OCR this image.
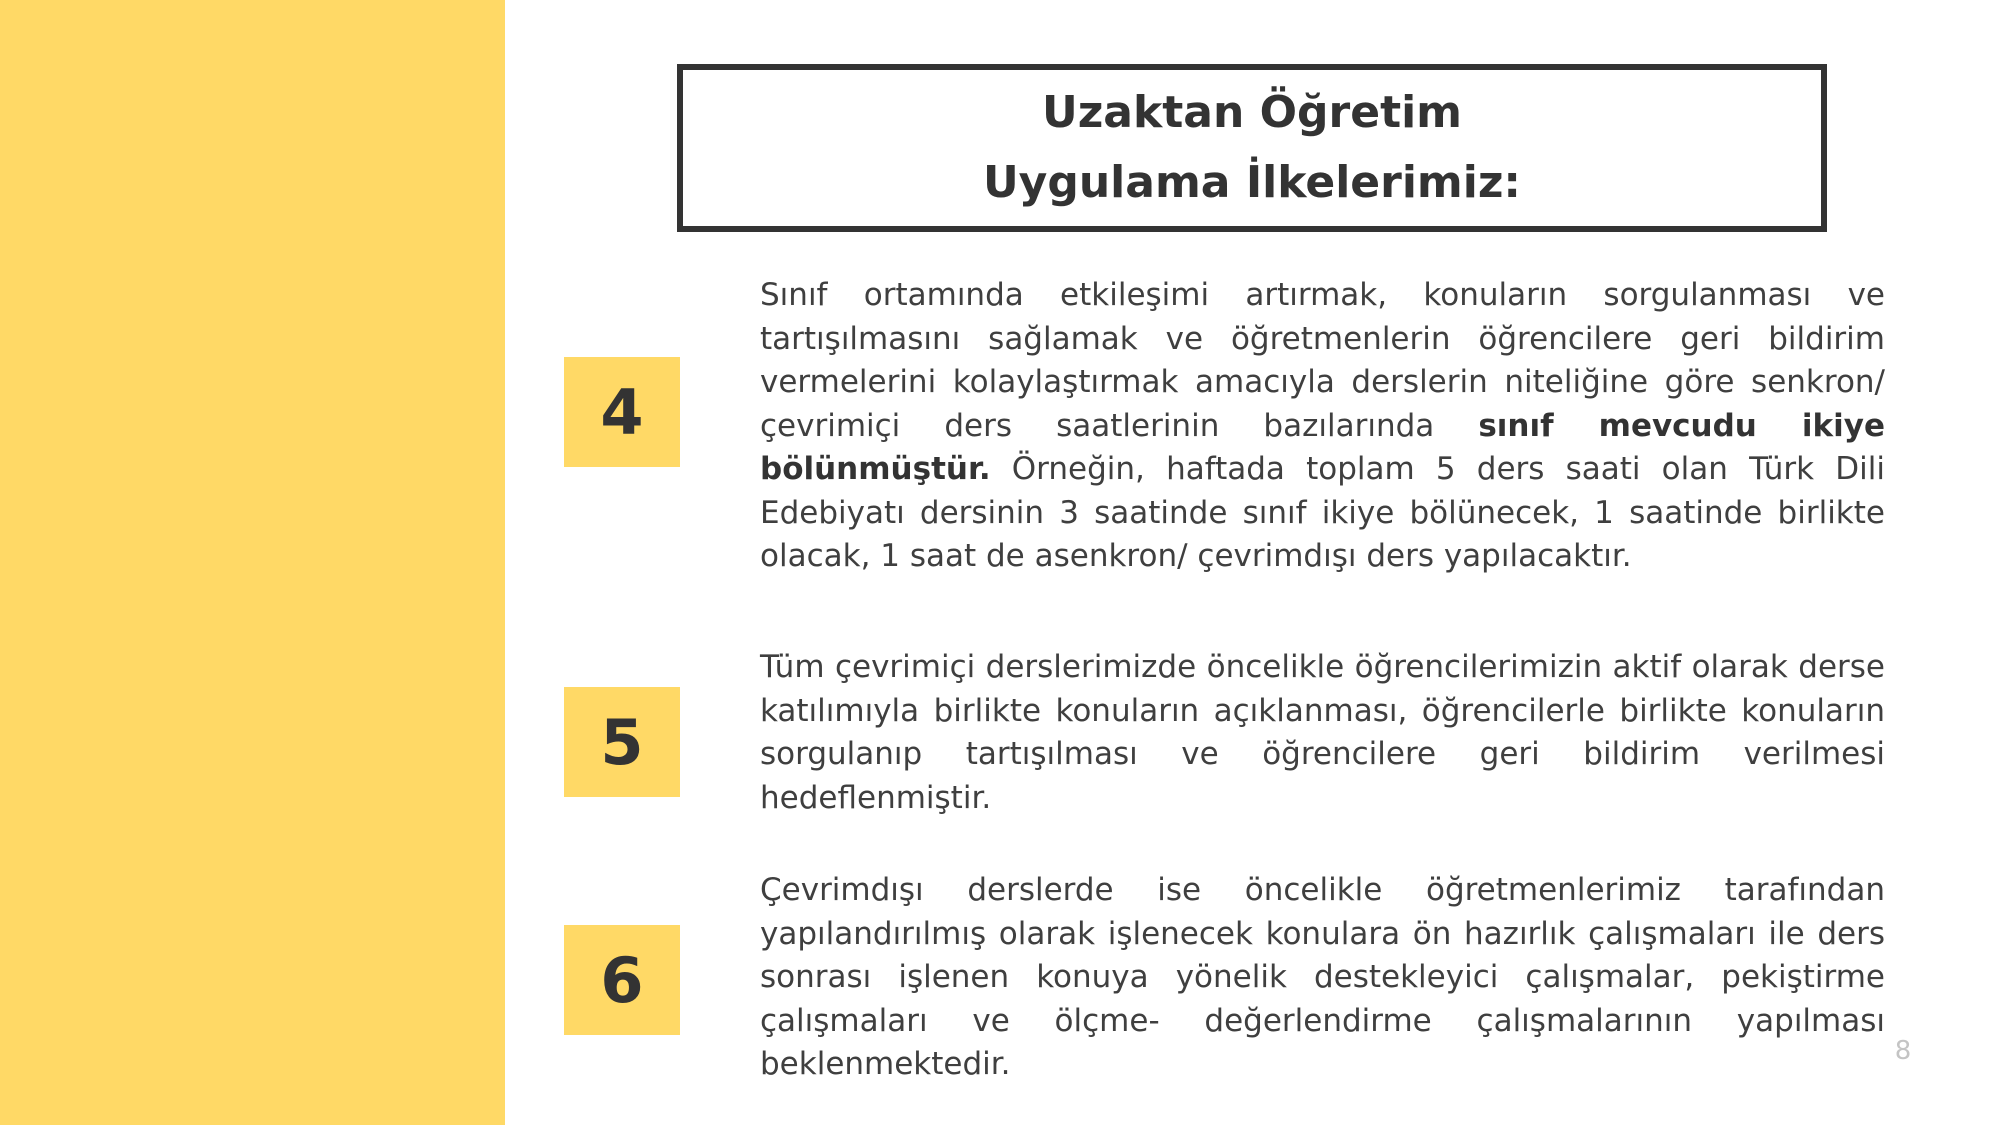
Uzaktan Öğretim
Uygulama İlkelerimiz:
4

Sınıf ortamında etkileşimi artırmak, konuların sorgulanması ve tartışılmasını sağlamak ve öğretmenlerin öğrencilere geri bildirim vermelerini kolaylaştırmak amacıyla derslerin niteliğine göre senkron/ çevrimiçi ders saatlerinin bazılarında sınıf mevcudu ikiye bölünmüştür. Örneğin, haftada toplam 5 ders saati olan Türk Dili Edebiyatı dersinin 3 saatinde sınıf ikiye bölünecek, 1 saatinde birlikte olacak, 1 saat de asenkron/ çevrimdışı ders yapılacaktır.

5

Tüm çevrimiçi derslerimizde öncelikle öğrencilerimizin aktif olarak derse katılımıyla birlikte konuların açıklanması, öğrencilerle birlikte konuların sorgulanıp tartışılması ve öğrencilere geri bildirim verilmesi hedeflenmiştir.

6

Çevrimdışı derslerde ise öncelikle öğretmenlerimiz tarafından yapılandırılmış olarak işlenecek konulara ön hazırlık çalışmaları ile ders sonrası işlenen konuya yönelik destekleyici çalışmalar, pekiştirme çalışmaları ve ölçme- değerlendirme çalışmalarının yapılması beklenmektedir.	8
